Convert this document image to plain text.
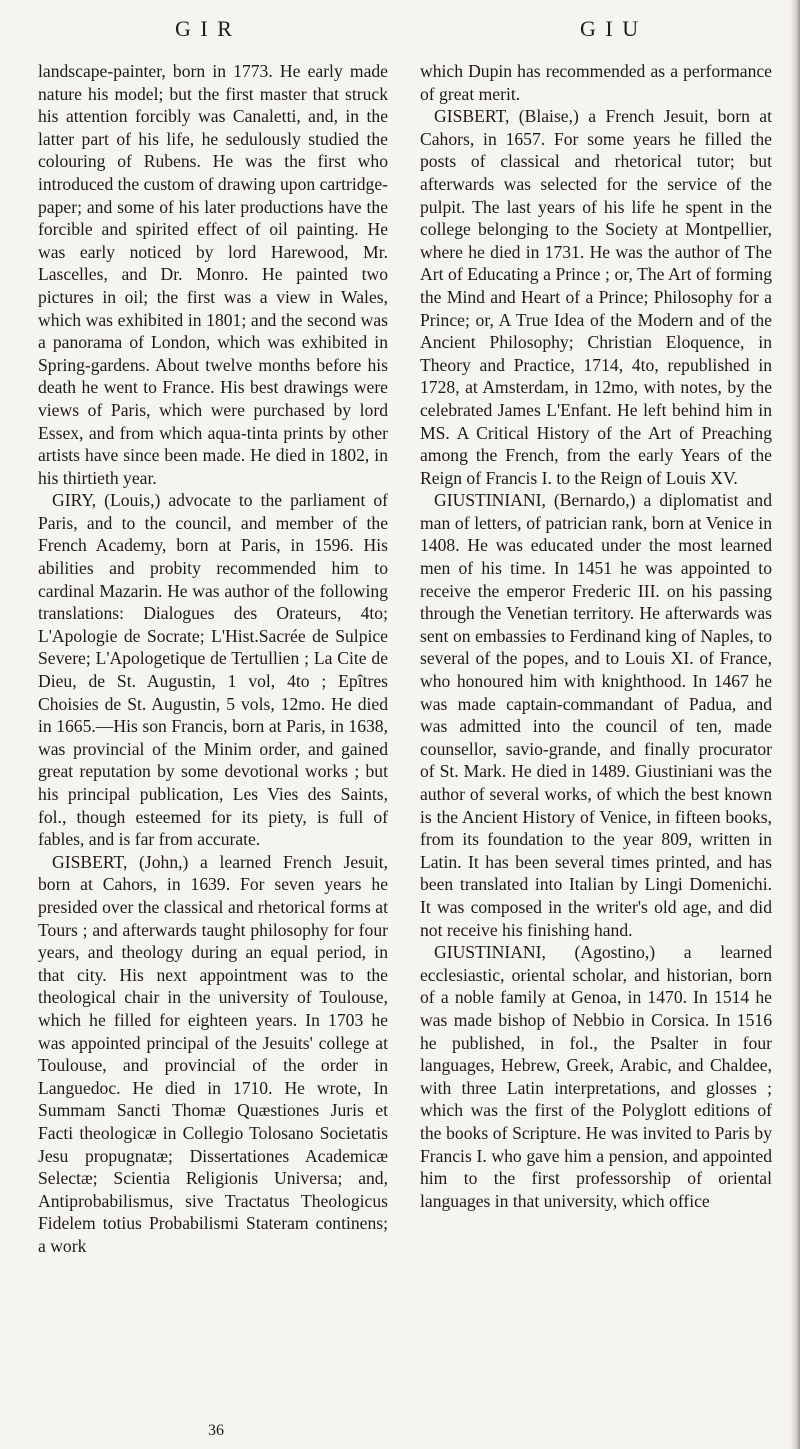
G I R	G I U

landscape-painter, born in 1773. He early made nature his model; but the first master that struck his attention forcibly was Canaletti, and, in the latter part of his life, he sedulously studied the colouring of Rubens. He was the first who introduced the custom of drawing upon cartridge-paper; and some of his later productions have the forcible and spirited effect of oil painting. He was early noticed by lord Harewood, Mr. Lascelles, and Dr. Monro. He painted two pictures in oil; the first was a view in Wales, which was exhibited in 1801; and the second was a panorama of London, which was exhibited in Spring-gardens. About twelve months before his death he went to France. His best drawings were views of Paris, which were purchased by lord Essex, and from which aqua-tinta prints by other artists have since been made. He died in 1802, in his thirtieth year.

GIRY, (Louis,) advocate to the parliament of Paris, and to the council, and member of the French Academy, born at Paris, in 1596. His abilities and probity recommended him to cardinal Mazarin. He was author of the following translations: Dialogues des Orateurs, 4to; L'Apologie de Socrate; L'Hist.Sacrée de Sulpice Severe; L'Apologetique de Tertullien ; La Cite de Dieu, de St. Augustin, 1 vol, 4to ; Epîtres Choisies de St. Augustin, 5 vols, 12mo. He died in 1665.—His son Francis, born at Paris, in 1638, was provincial of the Minim order, and gained great reputation by some devotional works ; but his principal publication, Les Vies des Saints, fol., though esteemed for its piety, is full of fables, and is far from accurate.

GISBERT, (John,) a learned French Jesuit, born at Cahors, in 1639. For seven years he presided over the classical and rhetorical forms at Tours ; and afterwards taught philosophy for four years, and theology during an equal period, in that city. His next appointment was to the theological chair in the university of Toulouse, which he filled for eighteen years. In 1703 he was appointed principal of the Jesuits' college at Toulouse, and provincial of the order in Languedoc. He died in 1710. He wrote, In Summam Sancti Thomæ Quæstiones Juris et Facti theologicæ in Collegio Tolosano Societatis Jesu propugnatæ; Dissertationes Academicæ Selectæ; Scientia Religionis Universa; and, Antiprobabilismus, sive Tractatus Theologicus Fidelem totius Probabilismi Stateram continens; a work

which Dupin has recommended as a performance of great merit.

GISBERT, (Blaise,) a French Jesuit, born at Cahors, in 1657. For some years he filled the posts of classical and rhetorical tutor; but afterwards was selected for the service of the pulpit. The last years of his life he spent in the college belonging to the Society at Montpellier, where he died in 1731. He was the author of The Art of Educating a Prince ; or, The Art of forming the Mind and Heart of a Prince; Philosophy for a Prince; or, A True Idea of the Modern and of the Ancient Philosophy; Christian Eloquence, in Theory and Practice, 1714, 4to, republished in 1728, at Amsterdam, in 12mo, with notes, by the celebrated James L'Enfant. He left behind him in MS. A Critical History of the Art of Preaching among the French, from the early Years of the Reign of Francis I. to the Reign of Louis XV.

GIUSTINIANI, (Bernardo,) a diplomatist and man of letters, of patrician rank, born at Venice in 1408. He was educated under the most learned men of his time. In 1451 he was appointed to receive the emperor Frederic III. on his passing through the Venetian territory. He afterwards was sent on embassies to Ferdinand king of Naples, to several of the popes, and to Louis XI. of France, who honoured him with knighthood. In 1467 he was made captain-commandant of Padua, and was admitted into the council of ten, made counsellor, savio-grande, and finally procurator of St. Mark. He died in 1489. Giustiniani was the author of several works, of which the best known is the Ancient History of Venice, in fifteen books, from its foundation to the year 809, written in Latin. It has been several times printed, and has been translated into Italian by Lingi Domenichi. It was composed in the writer's old age, and did not receive his finishing hand.

GIUSTINIANI, (Agostino,) a learned ecclesiastic, oriental scholar, and historian, born of a noble family at Genoa, in 1470. In 1514 he was made bishop of Nebbio in Corsica. In 1516 he published, in fol., the Psalter in four languages, Hebrew, Greek, Arabic, and Chaldee, with three Latin interpretations, and glosses ; which was the first of the Polyglott editions of the books of Scripture. He was invited to Paris by Francis I. who gave him a pension, and appointed him to the first professorship of oriental languages in that university, which office

36
